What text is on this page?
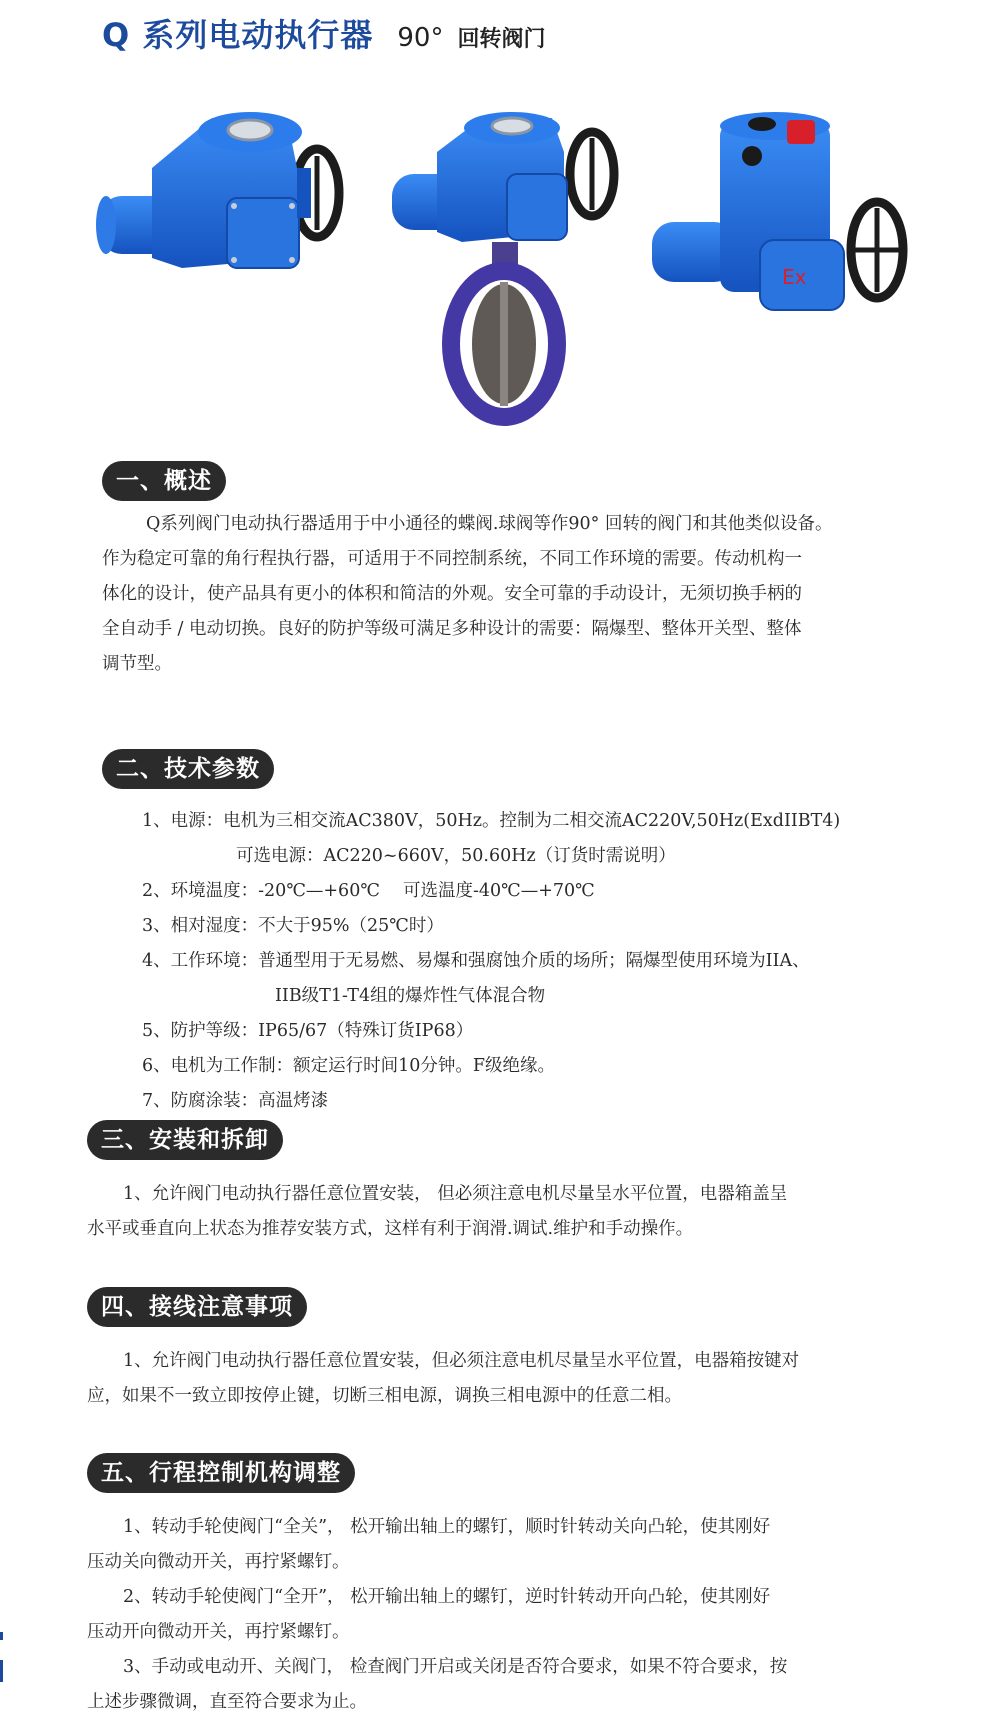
Q 系列电动执行器 90° 回转阀门
Ex
一、概述
Q系列阀门电动执行器适用于中小通径的蝶阀.球阀等作90° 回转的阀门和其他类似设备。
作为稳定可靠的角行程执行器，可适用于不同控制系统，不同工作环境的需要。传动机构一
体化的设计，使产品具有更小的体积和简洁的外观。安全可靠的手动设计，无须切换手柄的
全自动手 / 电动切换。良好的防护等级可满足多种设计的需要：隔爆型、整体开关型、整体
调节型。
二、技术参数
1、电源：电机为三相交流AC380V，50Hz。控制为二相交流AC220V,50Hz(ExdIIBT4)
可选电源：AC220~660V，50.60Hz（订货时需说明）
2、环境温度：-20℃—+60℃　 可选温度-40℃—+70℃
3、相对湿度：不大于95%（25℃时）
4、工作环境：普通型用于无易燃、易爆和强腐蚀介质的场所；隔爆型使用环境为IIA、
IIB级T1-T4组的爆炸性气体混合物
5、防护等级：IP65/67（特殊订货IP68）
6、电机为工作制：额定运行时间10分钟。F级绝缘。
7、防腐涂装：高温烤漆
三、安装和拆卸
1、允许阀门电动执行器任意位置安装， 但必须注意电机尽量呈水平位置，电器箱盖呈
水平或垂直向上状态为推荐安装方式，这样有利于润滑.调试.维护和手动操作。
四、接线注意事项
1、允许阀门电动执行器任意位置安装，但必须注意电机尽量呈水平位置，电器箱按键对
应，如果不一致立即按停止键，切断三相电源，调换三相电源中的任意二相。
五、行程控制机构调整
1、转动手轮使阀门“全关”， 松开输出轴上的螺钉，顺时针转动关向凸轮，使其刚好
压动关向微动开关，再拧紧螺钉。
2、转动手轮使阀门“全开”， 松开输出轴上的螺钉，逆时针转动开向凸轮，使其刚好
压动开向微动开关，再拧紧螺钉。
3、手动或电动开、关阀门， 检查阀门开启或关闭是否符合要求，如果不符合要求，按
上述步骤微调，直至符合要求为止。
